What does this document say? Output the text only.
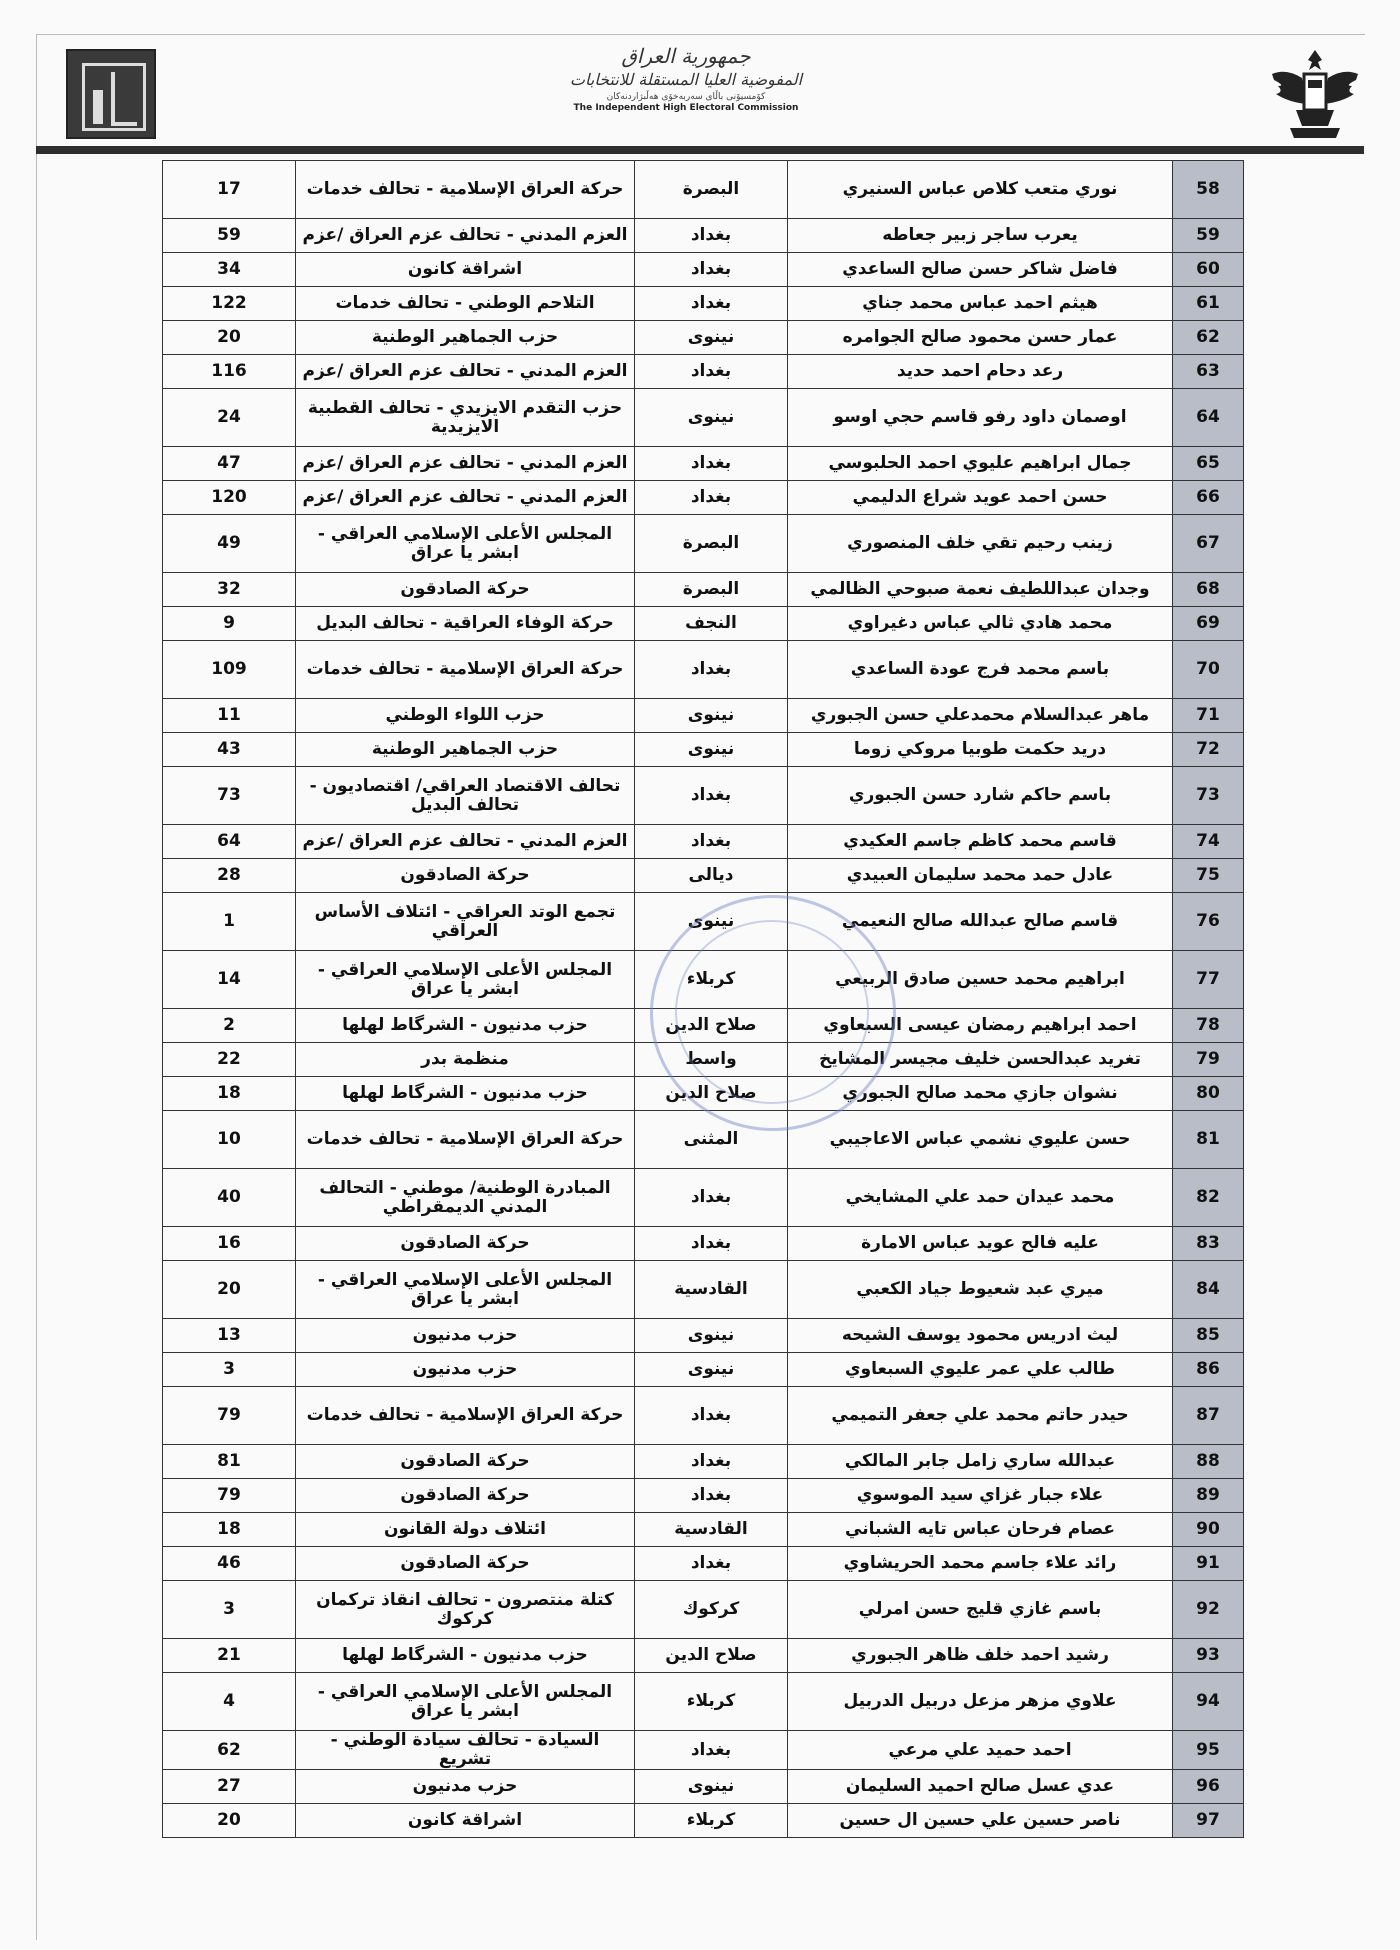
جمهورية العراق
المفوضية العليا المستقلة للانتخابات
كۆمسیۆنی باڵای سەربەخۆی هەڵبژاردنەکان
The Independent High Electoral Commission
58	نوري متعب كلاص عباس السنيري	البصرة	حركة العراق الإسلامية - تحالف خدمات	17
59	يعرب ساجر زبير جعاطه	بغداد	العزم المدني - تحالف عزم العراق /عزم	59
60	فاضل شاكر حسن صالح الساعدي	بغداد	اشراقة كانون	34
61	هيثم احمد عباس محمد جناي	بغداد	التلاحم الوطني - تحالف خدمات	122
62	عمار حسن محمود صالح الجوامره	نينوى	حزب الجماهير الوطنية	20
63	رعد دحام احمد حديد	بغداد	العزم المدني - تحالف عزم العراق /عزم	116
64	اوصمان داود رفو قاسم حجي اوسو	نينوى	حزب التقدم الايزيدي - تحالف القطبية الايزيدية	24
65	جمال ابراهيم عليوي احمد الحلبوسي	بغداد	العزم المدني - تحالف عزم العراق /عزم	47
66	حسن احمد عويد شراع الدليمي	بغداد	العزم المدني - تحالف عزم العراق /عزم	120
67	زينب رحيم تقي خلف المنصوري	البصرة	المجلس الأعلى الإسلامي العراقي - ابشر يا عراق	49
68	وجدان عبداللطيف نعمة صبوحي الظالمي	البصرة	حركة الصادقون	32
69	محمد هادي ثالي عباس دغيراوي	النجف	حركة الوفاء العراقية - تحالف البديل	9
70	باسم محمد فرج عودة الساعدي	بغداد	حركة العراق الإسلامية - تحالف خدمات	109
71	ماهر عبدالسلام محمدعلي حسن الجبوري	نينوى	حزب اللواء الوطني	11
72	دريد حكمت طوبيا مروكي زوما	نينوى	حزب الجماهير الوطنية	43
73	باسم حاكم شارد حسن الجبوري	بغداد	تحالف الاقتصاد العراقي/ اقتصاديون - تحالف البديل	73
74	قاسم محمد كاظم جاسم العكيدي	بغداد	العزم المدني - تحالف عزم العراق /عزم	64
75	عادل حمد محمد سليمان العبيدي	ديالى	حركة الصادقون	28
76	قاسم صالح عبدالله صالح النعيمي	نينوى	تجمع الوتد العراقي - ائتلاف الأساس العراقي	1
77	ابراهيم محمد حسين صادق الربيعي	كربلاء	المجلس الأعلى الإسلامي العراقي - ابشر يا عراق	14
78	احمد ابراهيم رمضان عيسى السبعاوي	صلاح الدين	حزب مدنيون - الشرگاط لهلها	2
79	تغريد عبدالحسن خليف مجيسر المشايخ	واسط	منظمة بدر	22
80	نشوان جازي محمد صالح الجبوري	صلاح الدين	حزب مدنيون - الشرگاط لهلها	18
81	حسن عليوي نشمي عباس الاعاجيبي	المثنى	حركة العراق الإسلامية - تحالف خدمات	10
82	محمد عيدان حمد علي المشايخي	بغداد	المبادرة الوطنية/ موطني - التحالف المدني الديمقراطي	40
83	عليه فالح عويد عباس الامارة	بغداد	حركة الصادقون	16
84	ميري عبد شعيوط جياد الكعبي	القادسية	المجلس الأعلى الإسلامي العراقي - ابشر يا عراق	20
85	ليث ادريس محمود يوسف الشيحه	نينوى	حزب مدنيون	13
86	طالب علي عمر عليوي السبعاوي	نينوى	حزب مدنيون	3
87	حيدر حاتم محمد علي جعفر التميمي	بغداد	حركة العراق الإسلامية - تحالف خدمات	79
88	عبدالله ساري زامل جابر المالكي	بغداد	حركة الصادقون	81
89	علاء جبار غزاي سيد الموسوي	بغداد	حركة الصادقون	79
90	عصام فرحان عباس تايه الشباني	القادسية	ائتلاف دولة القانون	18
91	رائد علاء جاسم محمد الحريشاوي	بغداد	حركة الصادقون	46
92	باسم غازي قليج حسن امرلي	كركوك	كتلة منتصرون - تحالف انقاذ تركمان كركوك	3
93	رشيد احمد خلف ظاهر الجبوري	صلاح الدين	حزب مدنيون - الشرگاط لهلها	21
94	علاوي مزهر مزعل دربيل الدربيل	كربلاء	المجلس الأعلى الإسلامي العراقي - ابشر يا عراق	4
95	احمد حميد علي مرعي	بغداد	السيادة - تحالف سيادة الوطني - تشريع	62
96	عدي عسل صالح احميد السليمان	نينوى	حزب مدنيون	27
97	ناصر حسين علي حسين ال حسين	كربلاء	اشراقة كانون	20
